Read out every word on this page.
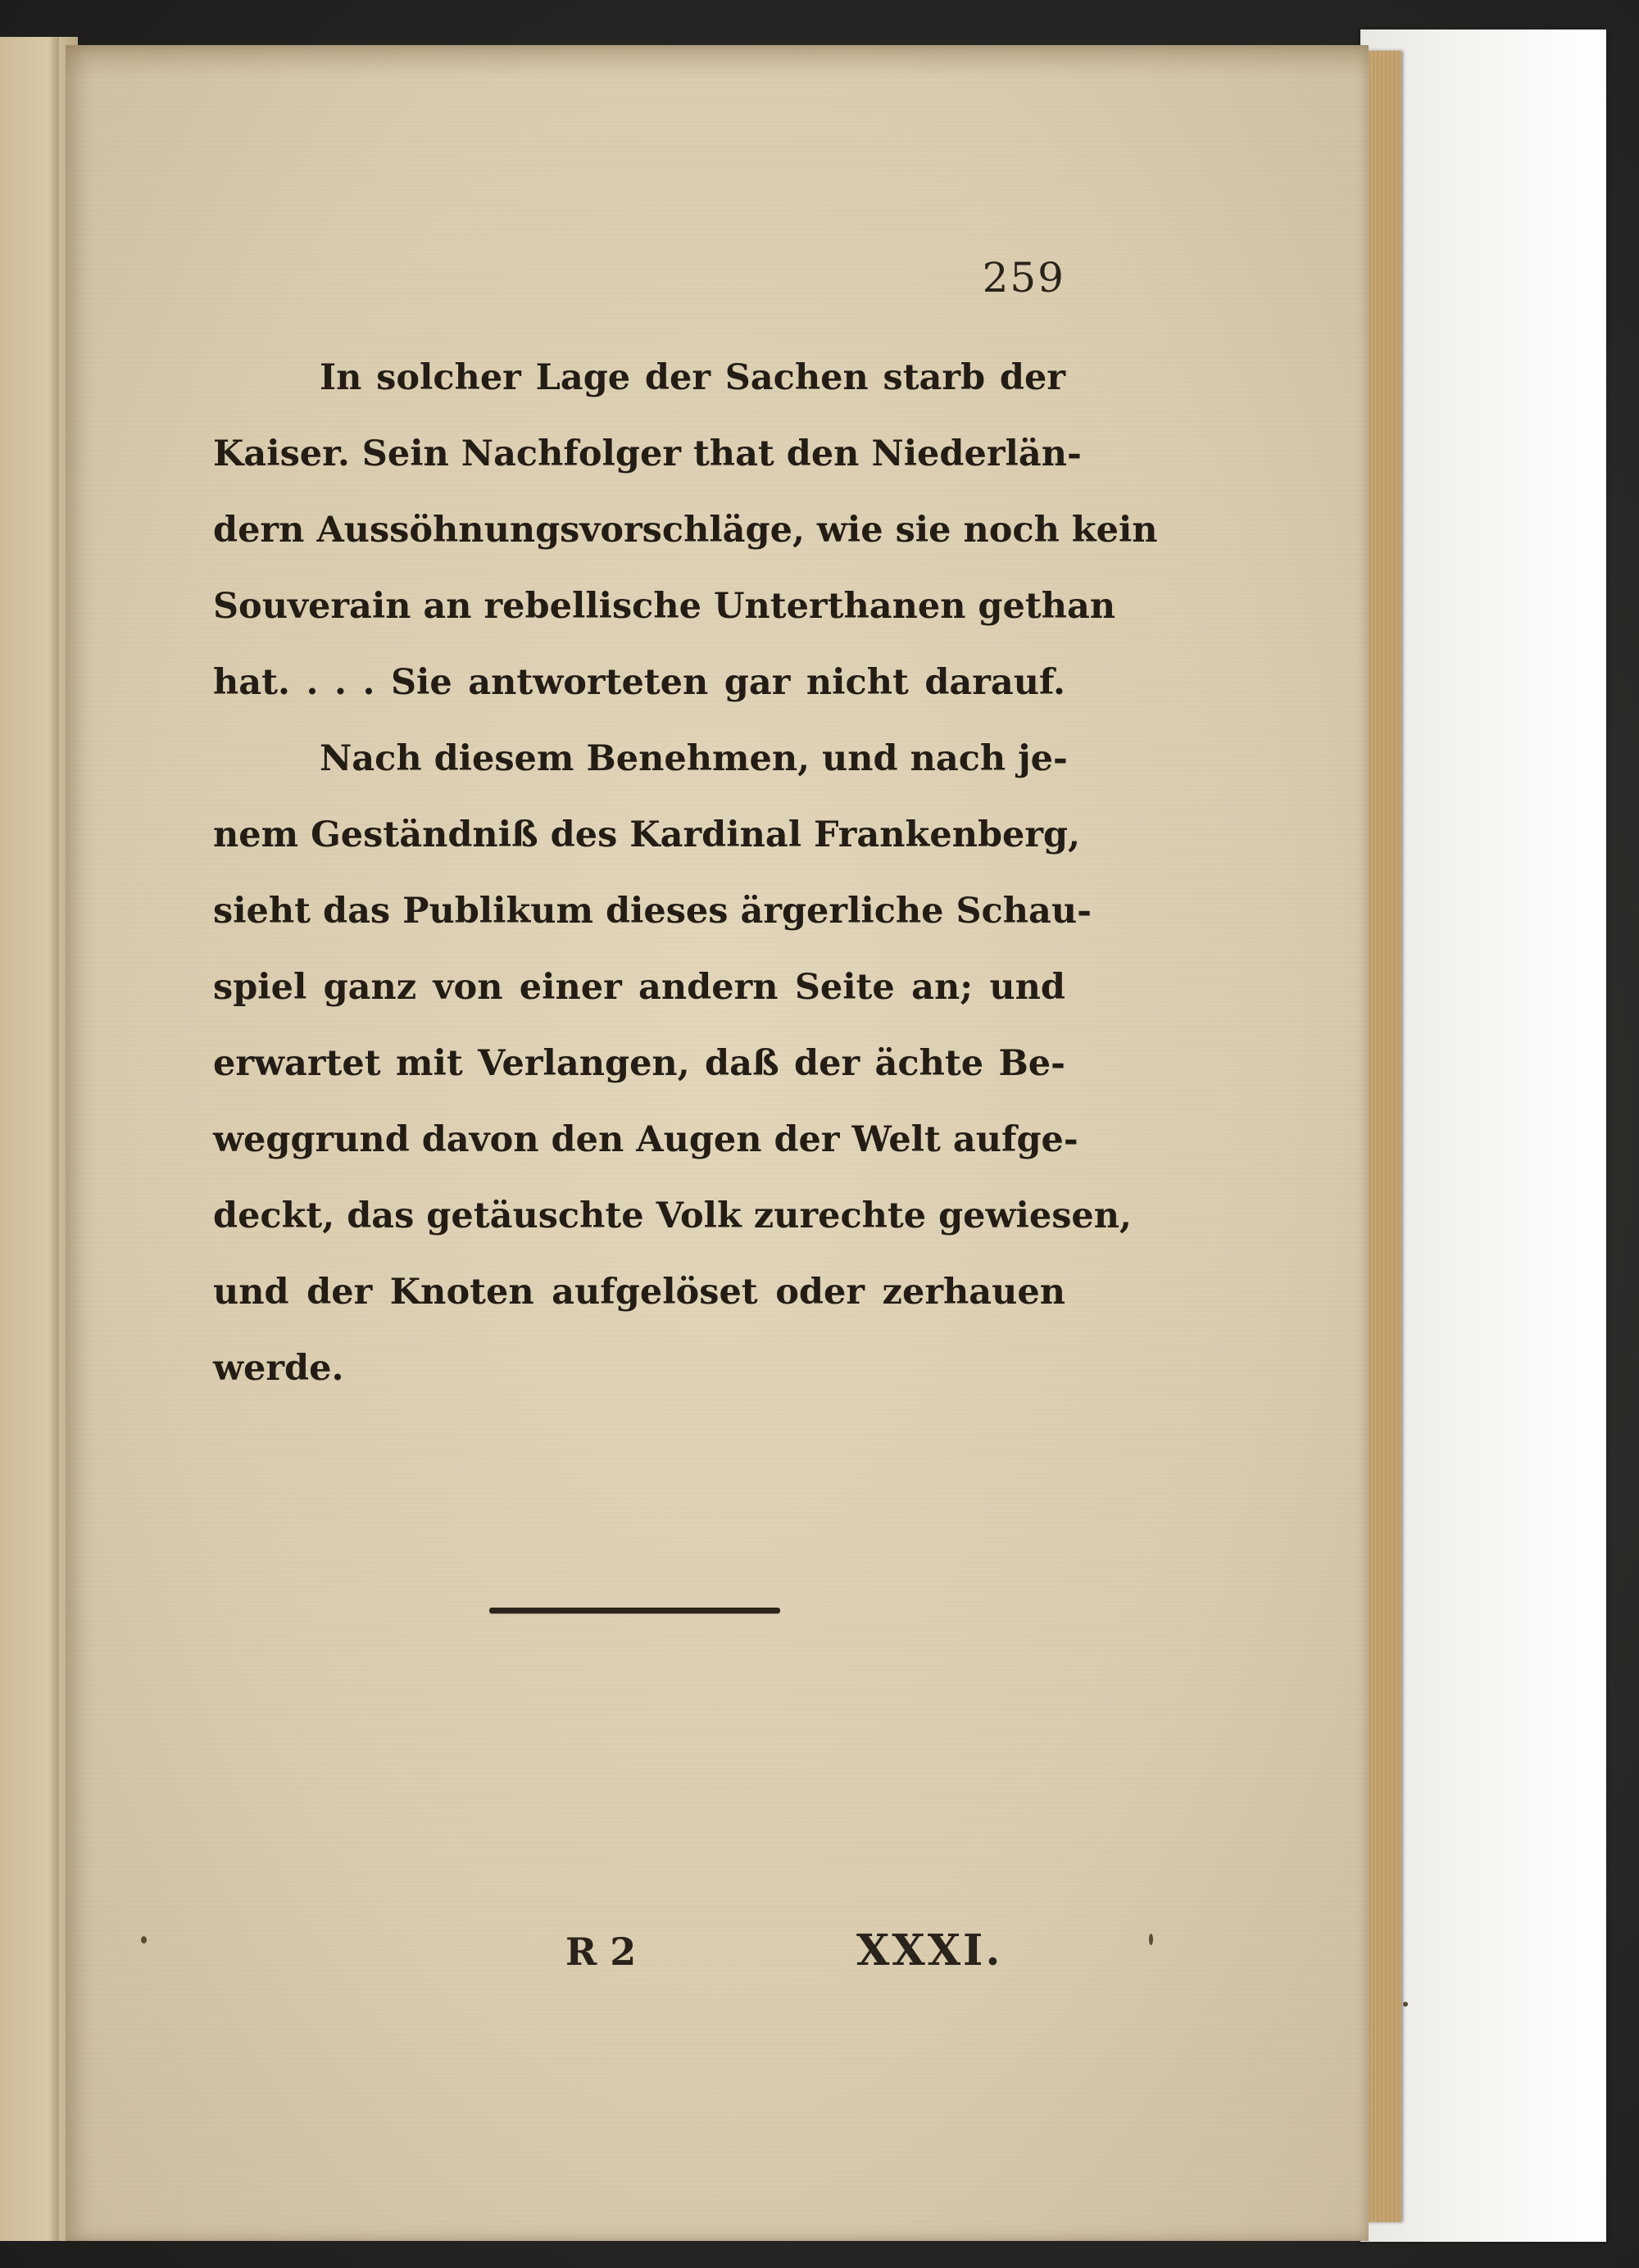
259
In solcher Lage der Sachen starb der
Kaiser. Sein Nachfolger that den Niederlän-
dern Aussöhnungsvorschläge, wie sie noch kein
Souverain an rebellische Unterthanen gethan
hat. . . . Sie antworteten gar nicht darauf.
Nach diesem Benehmen, und nach je-
nem Geständniß des Kardinal Frankenberg,
sieht das Publikum dieses ärgerliche Schau-
spiel ganz von einer andern Seite an; und
erwartet mit Verlangen, daß der ächte Be-
weggrund davon den Augen der Welt aufge-
deckt, das getäuschte Volk zurechte gewiesen,
und der Knoten aufgelöset oder zerhauen
werde.
R 2	XXXI.
